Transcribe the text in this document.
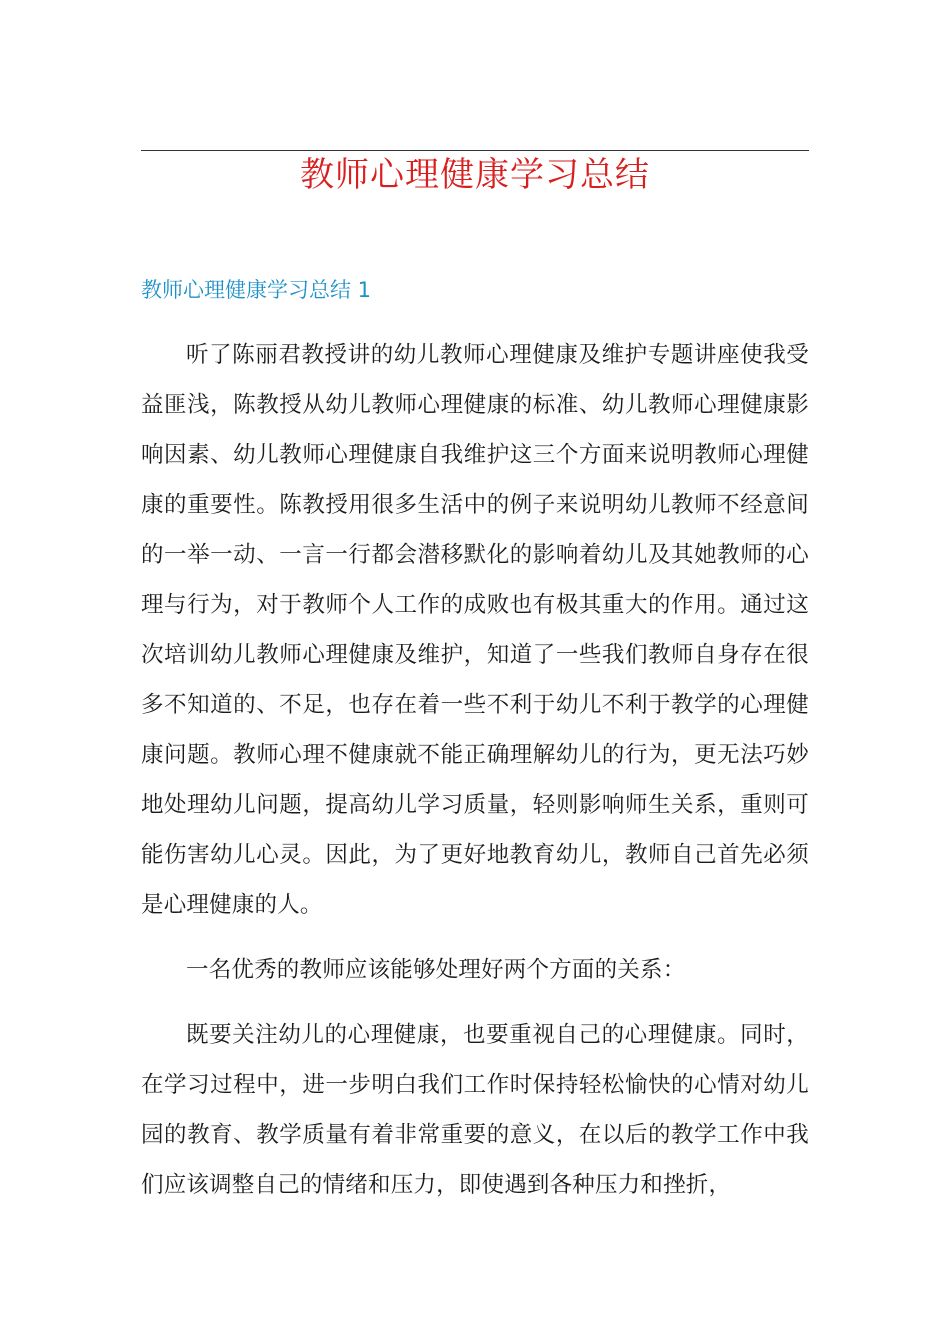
教师心理健康学习总结
教师心理健康学习总结 1

听了陈丽君教授讲的幼儿教师心理健康及维护专题讲座使我受益匪浅，陈教授从幼儿教师心理健康的标准、幼儿教师心理健康影响因素、幼儿教师心理健康自我维护这三个方面来说明教师心理健康的重要性。陈教授用很多生活中的例子来说明幼儿教师不经意间的一举一动、一言一行都会潜移默化的影响着幼儿及其她教师的心理与行为，对于教师个人工作的成败也有极其重大的作用。通过这次培训幼儿教师心理健康及维护，知道了一些我们教师自身存在很多不知道的、不足，也存在着一些不利于幼儿不利于教学的心理健康问题。教师心理不健康就不能正确理解幼儿的行为，更无法巧妙地处理幼儿问题，提高幼儿学习质量，轻则影响师生关系，重则可能伤害幼儿心灵。因此，为了更好地教育幼儿，教师自己首先必须是心理健康的人。

一名优秀的教师应该能够处理好两个方面的关系：

既要关注幼儿的心理健康，也要重视自己的心理健康。同时，在学习过程中，进一步明白我们工作时保持轻松愉快的心情对幼儿园的教育、教学质量有着非常重要的意义，在以后的教学工作中我们应该调整自己的情绪和压力，即使遇到各种压力和挫折，
